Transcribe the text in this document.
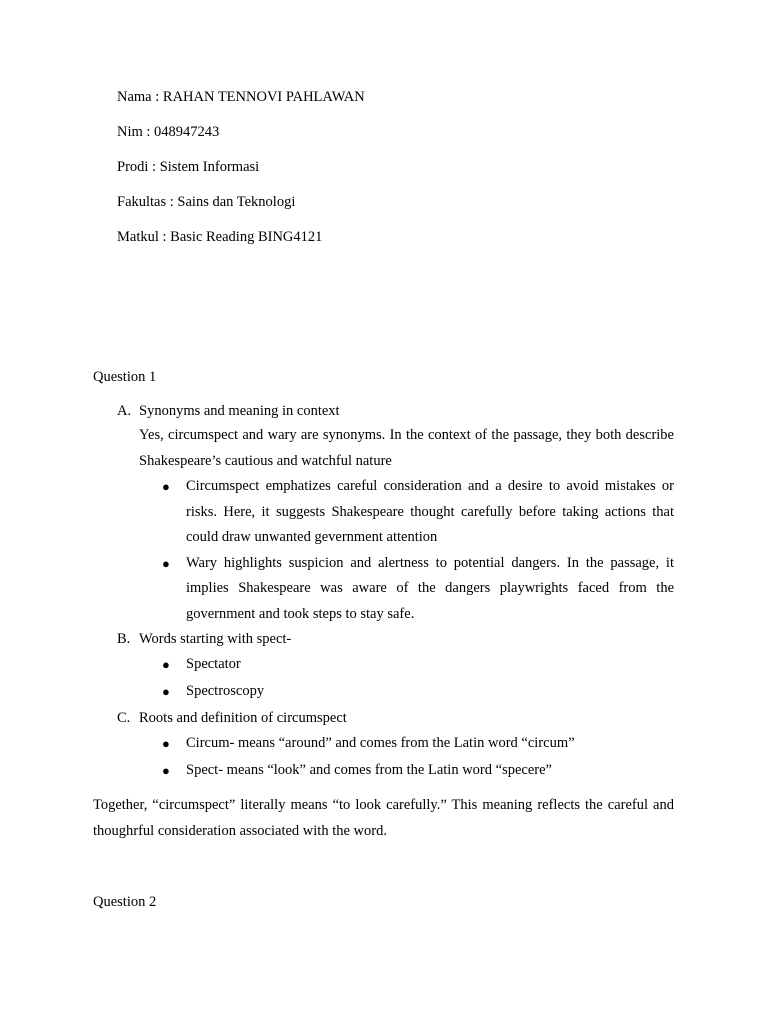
Nama : RAHAN TENNOVI PAHLAWAN
Nim : 048947243
Prodi : Sistem Informasi
Fakultas : Sains dan Teknologi
Matkul : Basic Reading BING4121
Question 1
A. Synonyms and meaning in context
Yes, circumspect and wary are synonyms. In the context of the passage, they both describe Shakespeare’s cautious and watchful nature
● Circumspect emphatizes careful consideration and a desire to avoid mistakes or risks. Here, it suggests Shakespeare thought carefully before taking actions that could draw unwanted gevernment attention
● Wary highlights suspicion and alertness to potential dangers. In the passage, it implies Shakespeare was aware of the dangers playwrights faced from the government and took steps to stay safe.
B. Words starting with spect-
● Spectator
● Spectroscopy
C. Roots and definition of circumspect
● Circum- means “around” and comes from the Latin word “circum”
● Spect- means “look” and comes from the Latin word “specere”
Together, “circumspect” literally means “to look carefully.” This meaning reflects the careful and thoughrful consideration associated with the word.
Question 2
